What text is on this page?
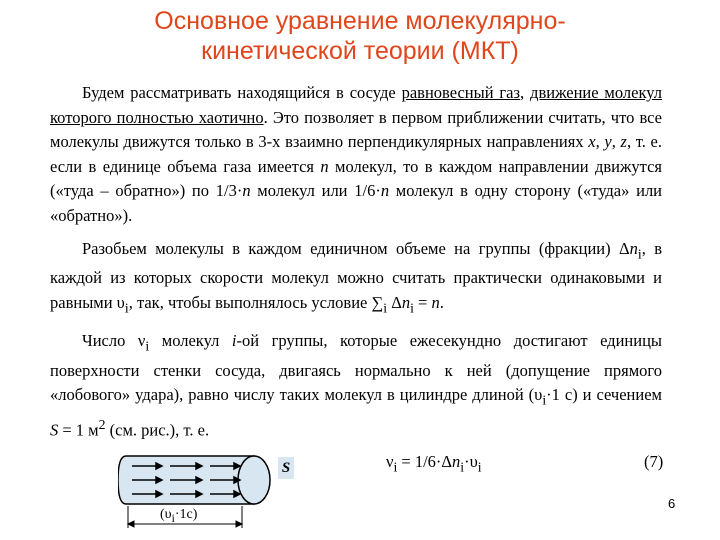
Основное уравнение молекулярно-
кинетической теории (МКТ)

Будем рассматривать находящийся в сосуде равновесный газ, движение молекул которого полностью хаотично. Это позволяет в первом приближении считать, что все молекулы движутся только в 3-х взаимно перпендикулярных направлениях x, y, z, т. е. если в единице объема газа имеется n молекул, то в каждом направлении движутся («туда – обратно») по 1/3·n молекул или 1/6·n молекул в одну сторону («туда» или «обратно»).

Разобьем молекулы в каждом единичном объеме на группы (фракции) $\Delta n_i$, в каждой из которых скорости молекул можно считать практически одинаковыми и равными $\upsilon_i$, так, чтобы выполнялось условие $\sum_i$ $\Delta n_i = n$.

Число $\nu_i$ молекул i-ой группы, которые ежесекундно достигают единицы поверхности стенки сосуда, двигаясь нормально к ней (допущение прямого «лобового» удара), равно числу таких молекул в цилиндре длиной ($\upsilon_i\cdot 1$ с) и сечением S = 1 $м^2$ (см. рис.), т. е.

$\nu_i = 1/6\cdot\Delta n_i\cdot\upsilon_i$	(7)
S
$(\upsilon_i\cdot 1с)$
6
